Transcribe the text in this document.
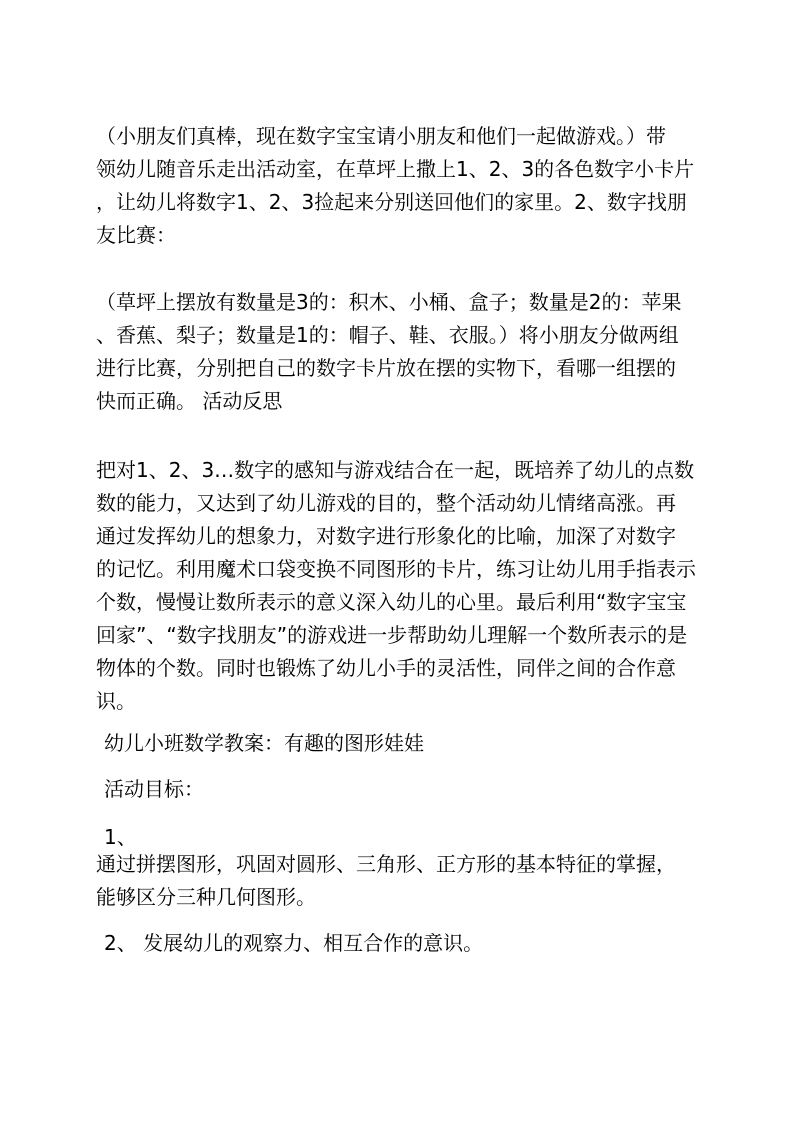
（小朋友们真棒，现在数字宝宝请小朋友和他们一起做游戏。）带
领幼儿随音乐走出活动室，在草坪上撒上1、2、3的各色数字小卡片
，让幼儿将数字1、2、3捡起来分别送回他们的家里。2、数字找朋
友比赛：
（草坪上摆放有数量是3的：积木、小桶、盒子；数量是2的：苹果
、香蕉、梨子；数量是1的：帽子、鞋、衣服。）将小朋友分做两组
进行比赛，分别把自己的数字卡片放在摆的实物下，看哪一组摆的
快而正确。 活动反思
把对1、2、3…数字的感知与游戏结合在一起，既培养了幼儿的点数
数的能力，又达到了幼儿游戏的目的，整个活动幼儿情绪高涨。再
通过发挥幼儿的想象力，对数字进行形象化的比喻，加深了对数字
的记忆。利用魔术口袋变换不同图形的卡片，练习让幼儿用手指表示
个数，慢慢让数所表示的意义深入幼儿的心里。最后利用“数字宝宝
回家”、“数字找朋友”的游戏进一步帮助幼儿理解一个数所表示的是
物体的个数。同时也锻炼了幼儿小手的灵活性，同伴之间的合作意
识。

幼儿小班数学教案：有趣的图形娃娃

活动目标：

1、

通过拼摆图形，巩固对圆形、三角形、正方形的基本特征的掌握，
能够区分三种几何图形。

2、 发展幼儿的观察力、相互合作的意识。
